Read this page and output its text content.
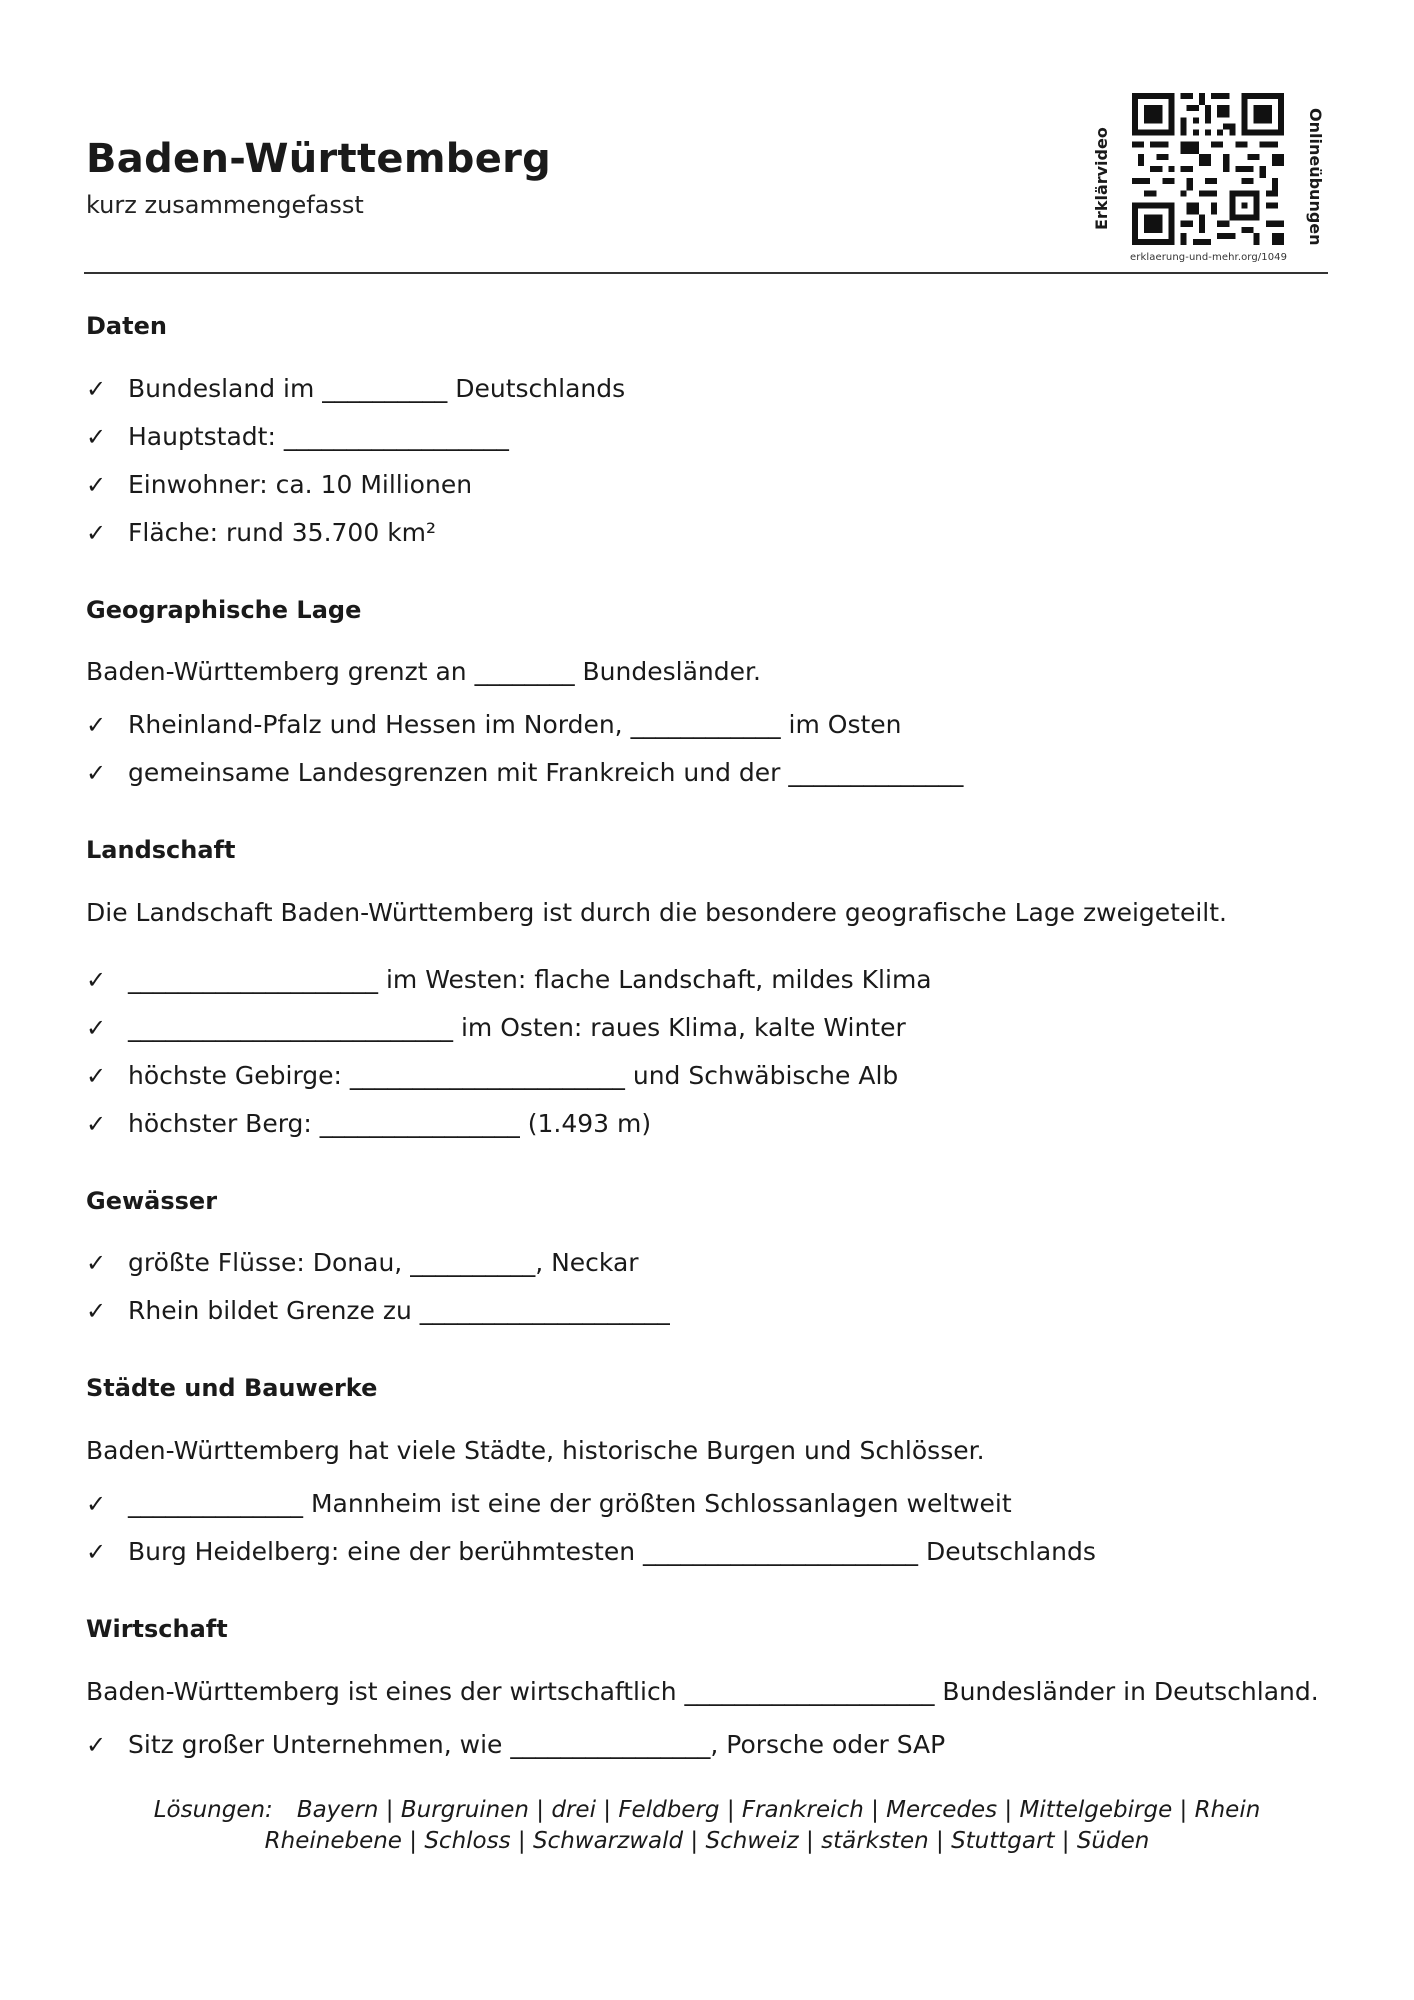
Baden-Württemberg
kurz zusammengefasst	Erklärvideo	Onlineübungen
erklaerung-und-mehr.org/1049
Daten
✓ Bundesland im __________ Deutschlands
✓ Hauptstadt: __________________
✓ Einwohner: ca. 10 Millionen
✓ Fläche: rund 35.700 km²
Geographische Lage
Baden-Württemberg grenzt an ________ Bundesländer.
✓ Rheinland-Pfalz und Hessen im Norden, ____________ im Osten
✓ gemeinsame Landesgrenzen mit Frankreich und der ______________
Landschaft
Die Landschaft Baden-Württemberg ist durch die besondere geografische Lage zweigeteilt.
✓ ____________________ im Westen: flache Landschaft, mildes Klima
✓ __________________________ im Osten: raues Klima, kalte Winter
✓ höchste Gebirge: ______________________ und Schwäbische Alb
✓ höchster Berg: ________________ (1.493 m)
Gewässer
✓ größte Flüsse: Donau, __________, Neckar
✓ Rhein bildet Grenze zu ____________________
Städte und Bauwerke
Baden-Württemberg hat viele Städte, historische Burgen und Schlösser.
✓ ______________ Mannheim ist eine der größten Schlossanlagen weltweit
✓ Burg Heidelberg: eine der berühmtesten ______________________ Deutschlands
Wirtschaft
Baden-Württemberg ist eines der wirtschaftlich ____________________ Bundesländer in Deutschland.
✓ Sitz großer Unternehmen, wie ________________, Porsche oder SAP
Lösungen: Bayern | Burgruinen | drei | Feldberg | Frankreich | Mercedes | Mittelgebirge | Rhein
Rheinebene | Schloss | Schwarzwald | Schweiz | stärksten | Stuttgart | Süden
